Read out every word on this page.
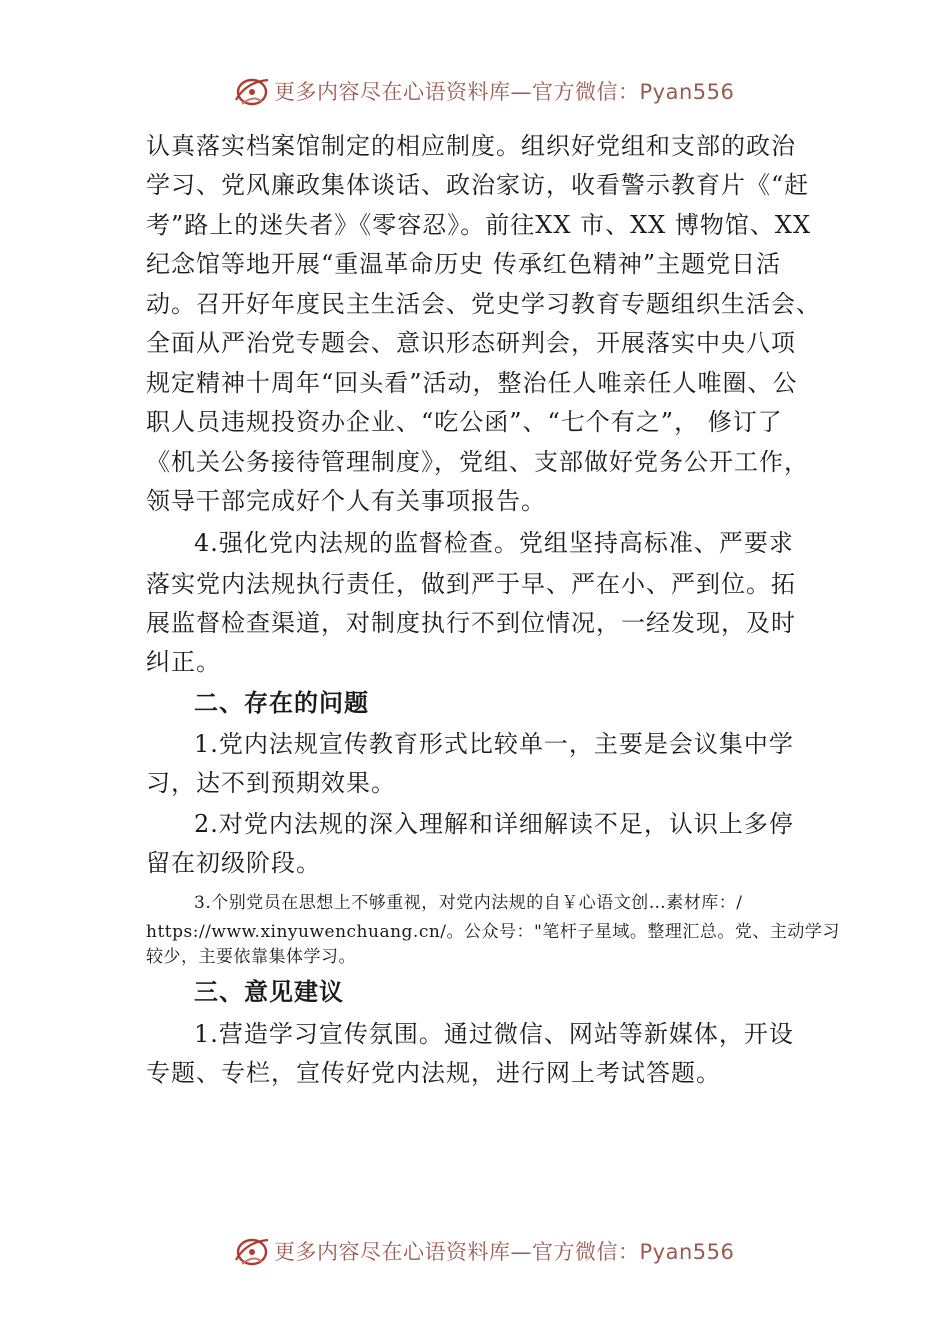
更多内容尽在心语资料库—官方微信：Pyan556
认真落实档案馆制定的相应制度。组织好党组和支部的政治
学习、党风廉政集体谈话、政治家访，收看警示教育片《“赶
考”路上的迷失者》《零容忍》。前往XX 市、XX 博物馆、XX
纪念馆等地开展“重温革命历史 传承红色精神”主题党日活
动。召开好年度民主生活会、党史学习教育专题组织生活会、
全面从严治党专题会、意识形态研判会，开展落实中央八项
规定精神十周年“回头看”活动，整治任人唯亲任人唯圈、公
职人员违规投资办企业、“吃公函”、“七个有之”， 修订了
《机关公务接待管理制度》，党组、支部做好党务公开工作，
领导干部完成好个人有关事项报告。
4.强化党内法规的监督检查。党组坚持高标准、严要求
落实党内法规执行责任，做到严于早、严在小、严到位。拓
展监督检查渠道，对制度执行不到位情况，一经发现，及时
纠正。
二、存在的问题
1.党内法规宣传教育形式比较单一，主要是会议集中学
习，达不到预期效果。
2.对党内法规的深入理解和详细解读不足，认识上多停
留在初级阶段。
3.个别党员在思想上不够重视，对党内法规的自￥心语文创…素材库：/
https://www.xinyuwenchuang.cn/。公众号："笔杆子星域。整理汇总。党、主动学习
较少，主要依靠集体学习。
三、意见建议
1.营造学习宣传氛围。通过微信、网站等新媒体，开设
专题、专栏，宣传好党内法规，进行网上考试答题。
更多内容尽在心语资料库—官方微信：Pyan556
